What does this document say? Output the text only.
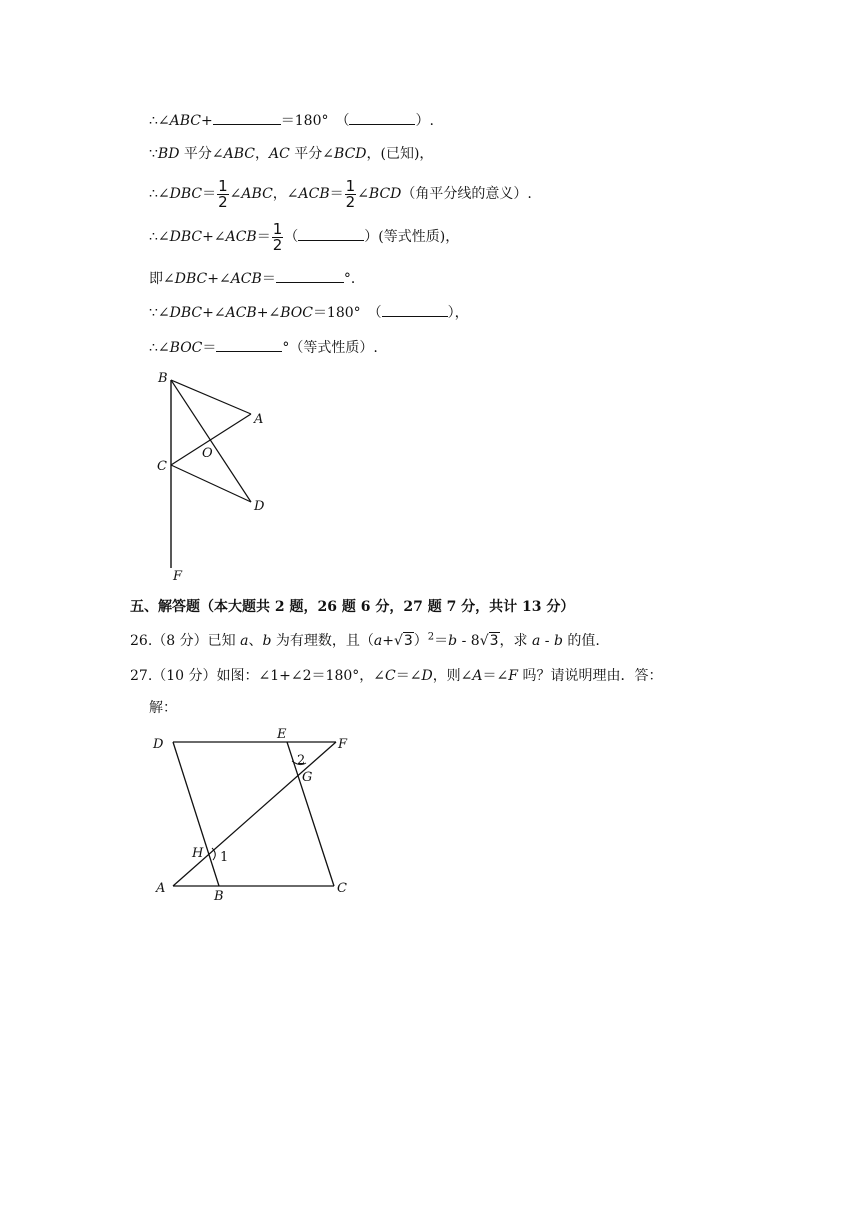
∴∠ABC+	＝180°　（	）.
∵BD 平分∠ABC，AC 平分∠BCD，(已知)，
∴∠DBC＝ $\frac{1}{2}$ ∠ABC，∠ACB＝ $\frac{1}{2}$ ∠BCD（角平分线的意义）.
∴∠DBC+∠ACB＝ $\frac{1}{2}$ （	）(等式性质)，
即∠DBC+∠ACB＝	°．
∵∠DBC+∠ACB+∠BOC＝180°　（	），
∴∠BOC＝	°（等式性质）.
B
A
O
C
D
F
五、解答题（本大题共 2 题，26 题 6 分，27 题 7 分，共计 13 分）
26.（8 分）已知 a、b 为有理数，且$(a+√3)^2=b - 8√3$，求 a - b 的值.
27.（10 分）如图：∠1+∠2＝180°，∠C＝∠D，则∠A＝∠F 吗？请说明理由．答：
解：
D
E
F
2
G
H 1
A
B
C
